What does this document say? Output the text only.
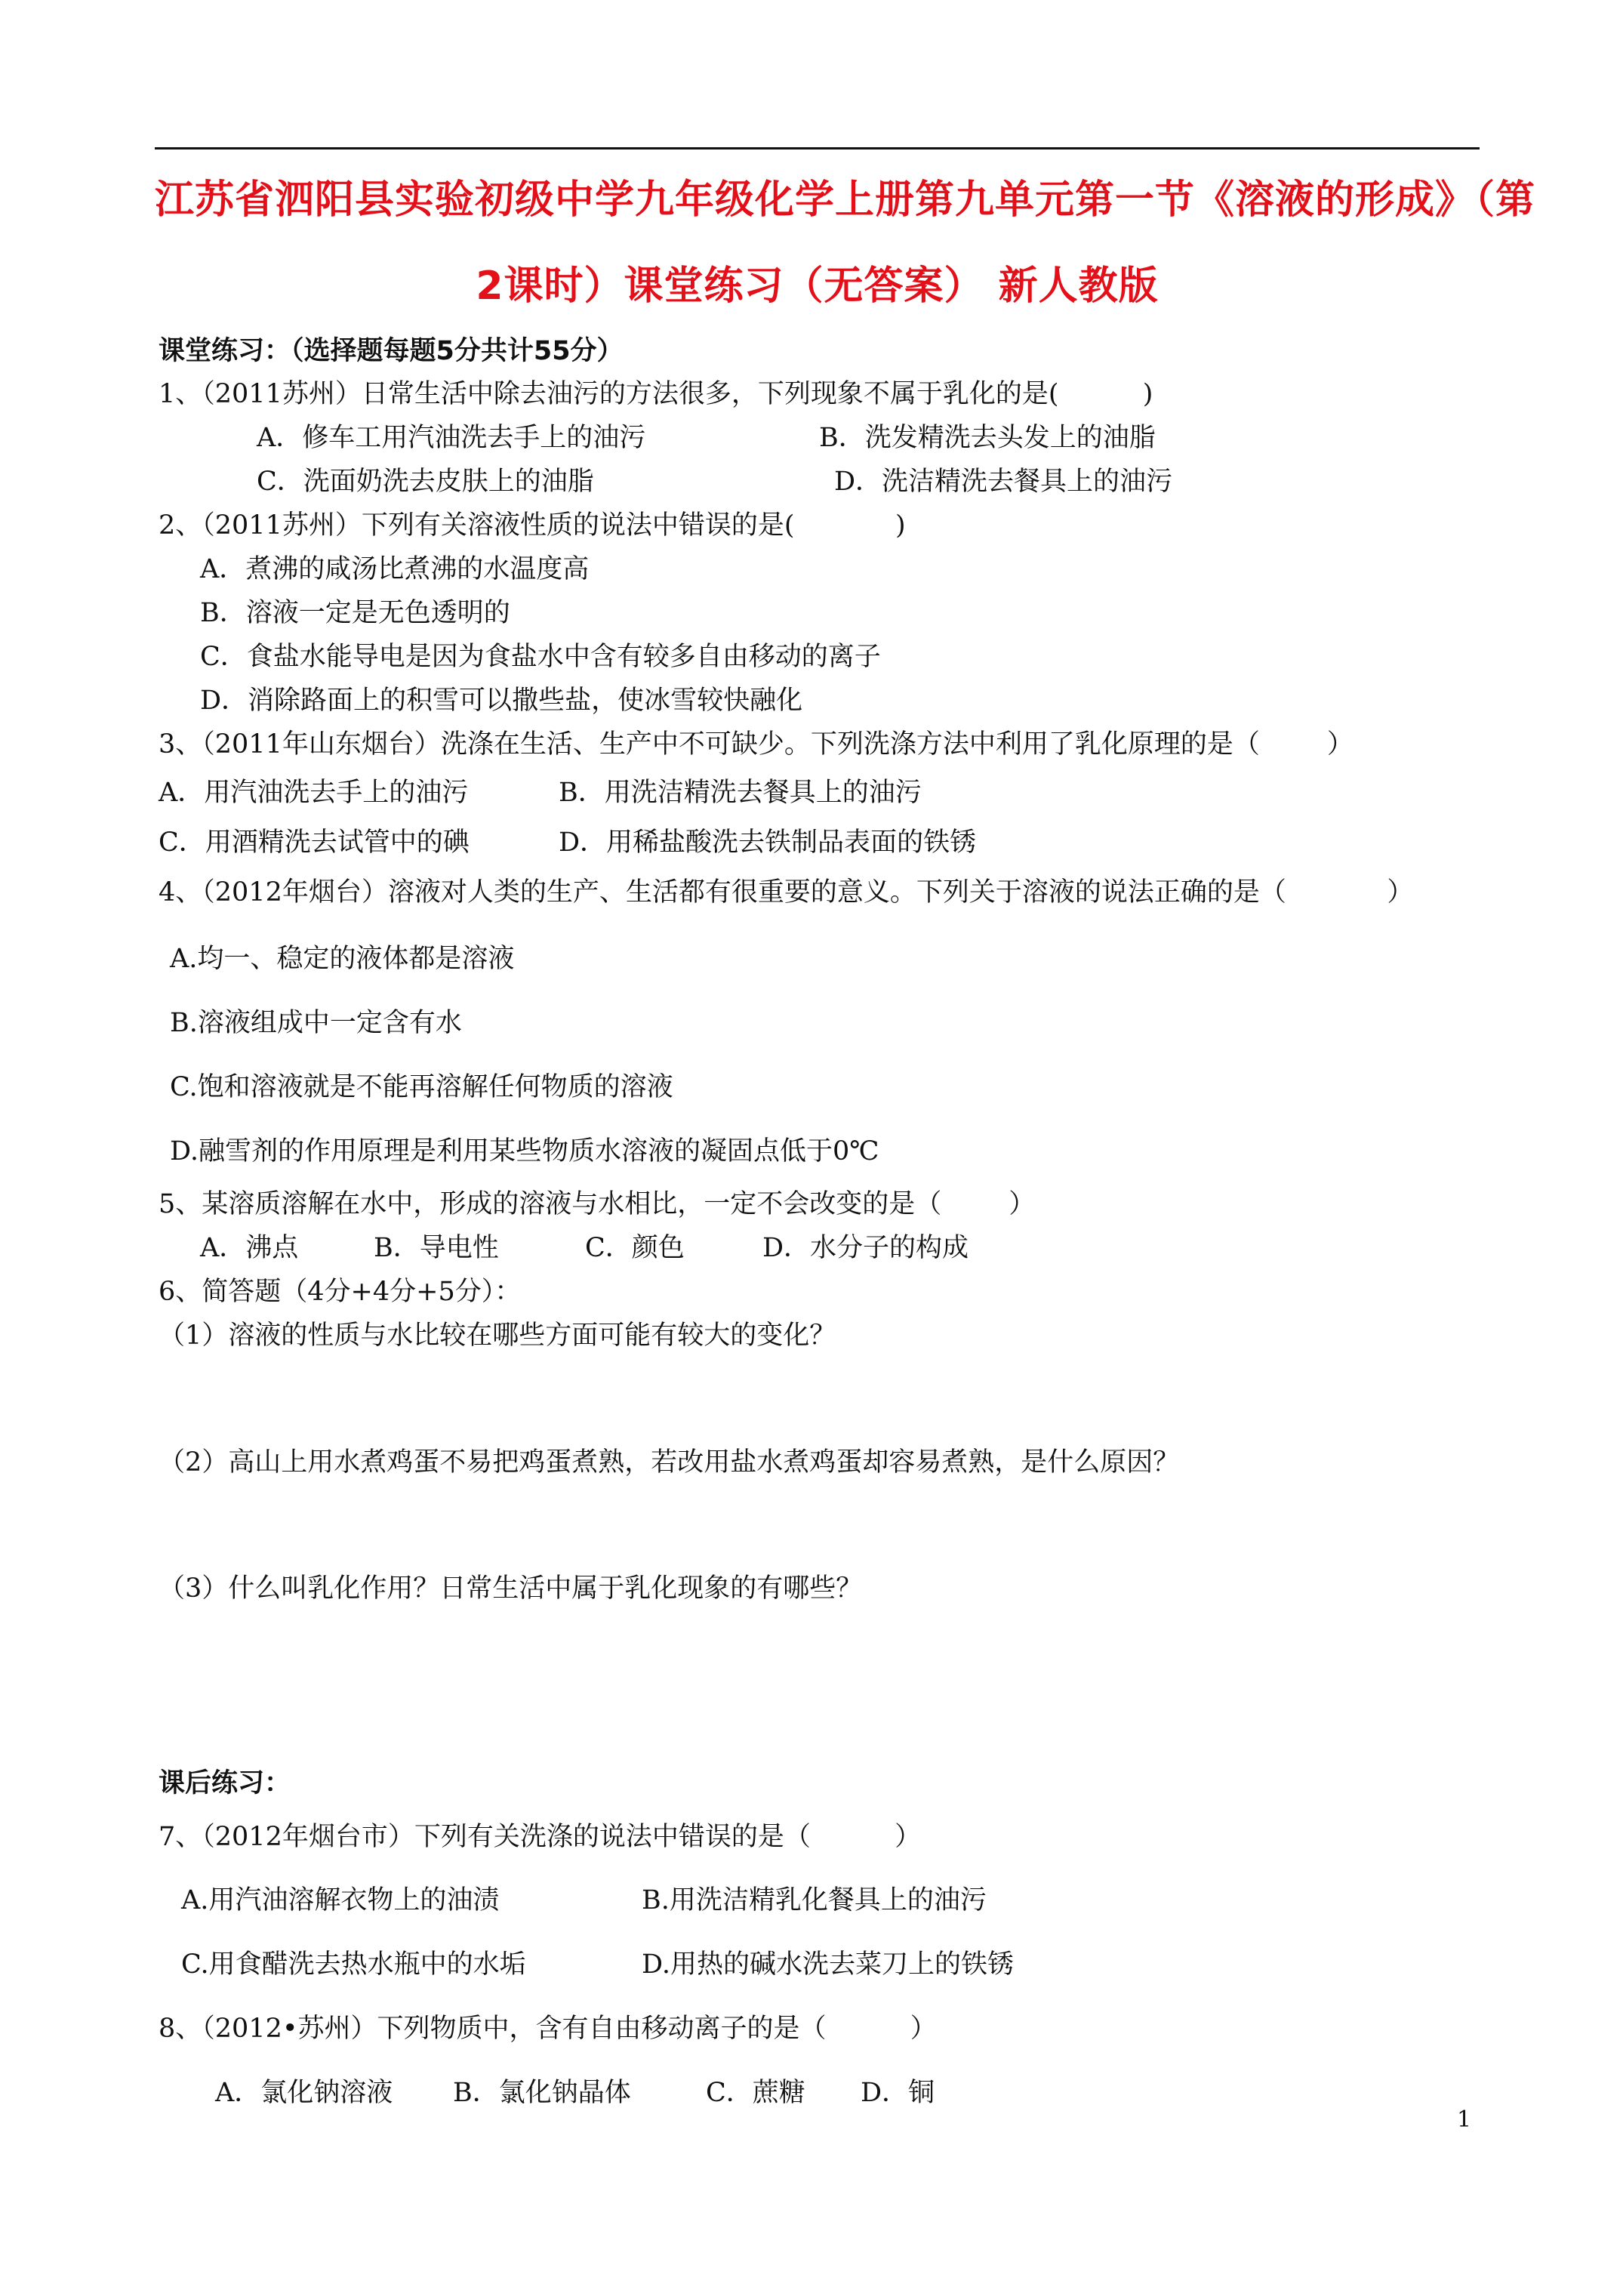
江苏省泗阳县实验初级中学九年级化学上册第九单元第一节《溶液的形成》（第
2课时）课堂练习（无答案） 新人教版
课堂练习：（选择题每题5分共计55分）
1、（2011苏州）日常生活中除去油污的方法很多，下列现象不属于乳化的是(          )
A．修车工用汽油洗去手上的油污	B．洗发精洗去头发上的油脂
C．洗面奶洗去皮肤上的油脂	D．洗洁精洗去餐具上的油污
2、（2011苏州）下列有关溶液性质的说法中错误的是(            )
A．煮沸的咸汤比煮沸的水温度高
B．溶液一定是无色透明的
C．食盐水能导电是因为食盐水中含有较多自由移动的离子
D．消除路面上的积雪可以撒些盐，使冰雪较快融化
3、（2011年山东烟台）洗涤在生活、生产中不可缺少。下列洗涤方法中利用了乳化原理的是（        ）
A．用汽油洗去手上的油污	B．用洗洁精洗去餐具上的油污
C．用酒精洗去试管中的碘	D．用稀盐酸洗去铁制品表面的铁锈
4、（2012年烟台）溶液对人类的生产、生活都有很重要的意义。下列关于溶液的说法正确的是（            ）
A.均一、稳定的液体都是溶液
B.溶液组成中一定含有水
C.饱和溶液就是不能再溶解任何物质的溶液
D.融雪剂的作用原理是利用某些物质水溶液的凝固点低于0℃
5、某溶质溶解在水中，形成的溶液与水相比，一定不会改变的是（        ）
A．沸点	B．导电性	C．颜色	D．水分子的构成
6、简答题（4分+4分+5分）：
（1）溶液的性质与水比较在哪些方面可能有较大的变化？
（2）高山上用水煮鸡蛋不易把鸡蛋煮熟，若改用盐水煮鸡蛋却容易煮熟，是什么原因？
（3）什么叫乳化作用？日常生活中属于乳化现象的有哪些？
课后练习：
7、（2012年烟台市）下列有关洗涤的说法中错误的是（          ）
A.用汽油溶解衣物上的油渍	B.用洗洁精乳化餐具上的油污
C.用食醋洗去热水瓶中的水垢	D.用热的碱水洗去菜刀上的铁锈
8、（2012•苏州）下列物质中，含有自由移动离子的是（          ）
A．氯化钠溶液 B．氯化钠晶体	C．蔗糖 D．铜
1
